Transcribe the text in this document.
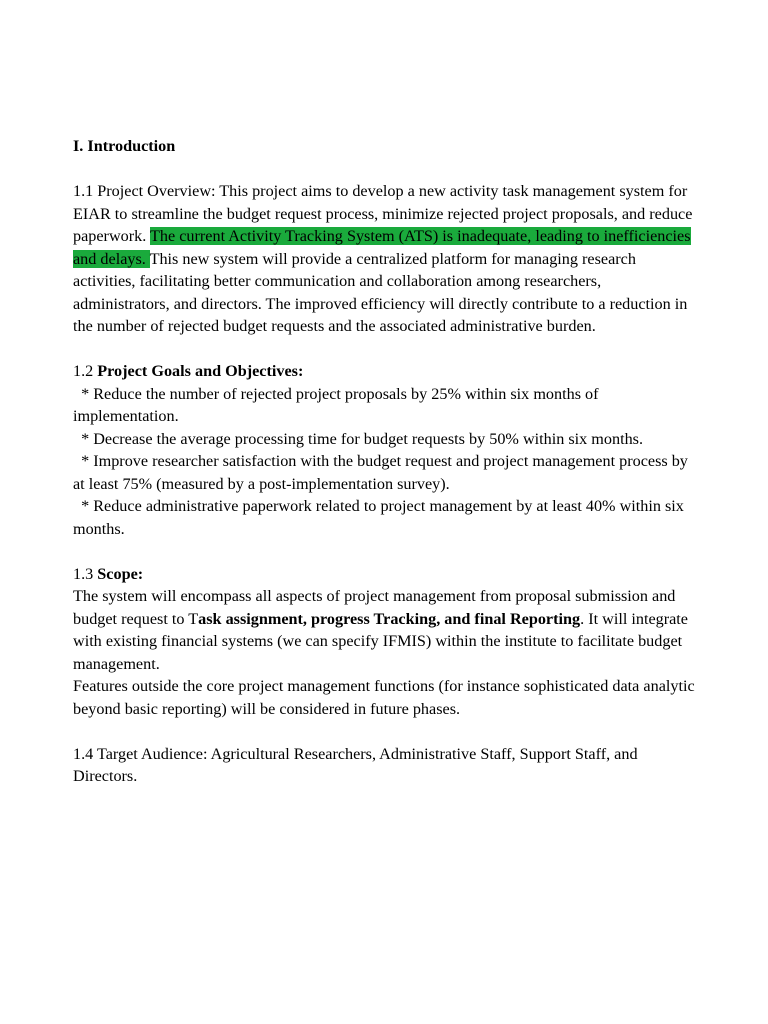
I. Introduction

1.1 Project Overview: This project aims to develop a new activity task management system for EIAR to streamline the budget request process, minimize rejected project proposals, and reduce paperwork. The current Activity Tracking System (ATS) is inadequate, leading to inefficiencies and delays. This new system will provide a centralized platform for managing research activities, facilitating better communication and collaboration among researchers, administrators, and directors. The improved efficiency will directly contribute to a reduction in the number of rejected budget requests and the associated administrative burden.

1.2 Project Goals and Objectives:

* Reduce the number of rejected project proposals by 25% within six months of implementation.

* Decrease the average processing time for budget requests by 50% within six months.

* Improve researcher satisfaction with the budget request and project management process by at least 75% (measured by a post-implementation survey).

* Reduce administrative paperwork related to project management by at least 40% within six months.

1.3 Scope:

The system will encompass all aspects of project management from proposal submission and budget request to Task assignment, progress Tracking, and final Reporting. It will integrate with existing financial systems (we can specify IFMIS) within the institute to facilitate budget management.

Features outside the core project management functions (for instance sophisticated data analytic beyond basic reporting) will be considered in future phases.

1.4 Target Audience: Agricultural Researchers, Administrative Staff, Support Staff, and Directors.
